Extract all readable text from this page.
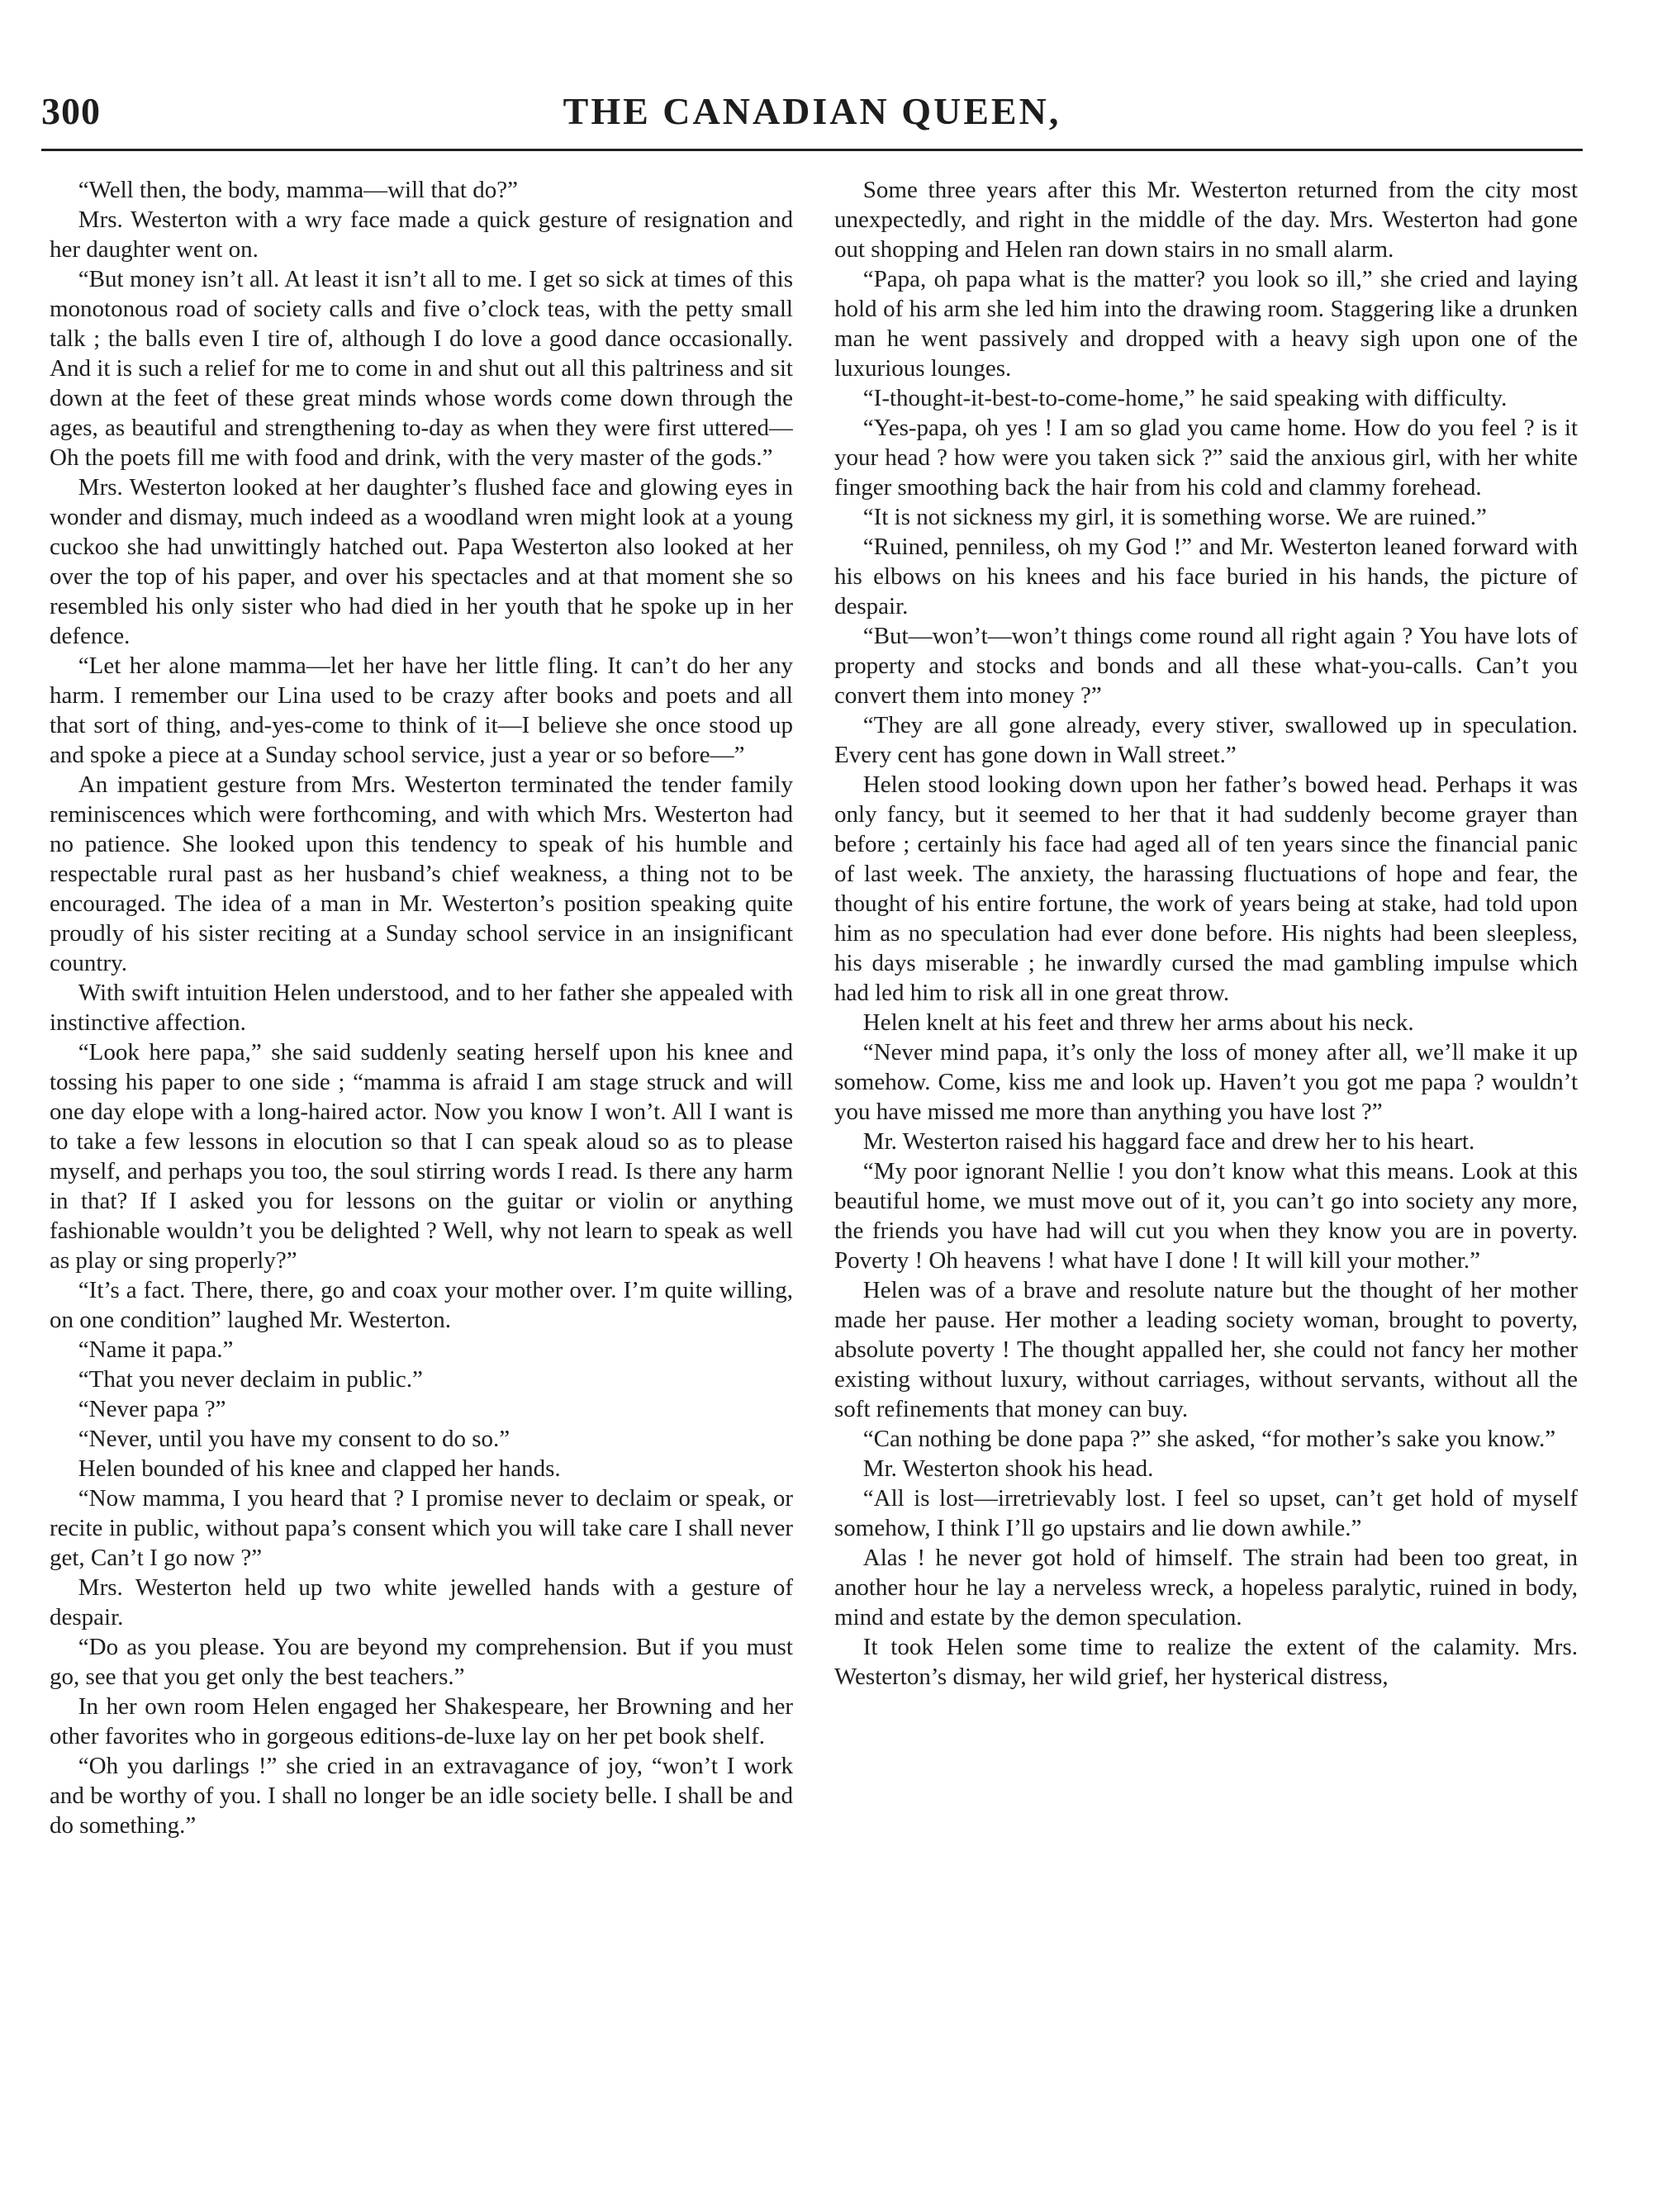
300	THE CANADIAN QUEEN,

“Well then, the body, mamma—will that do?”

Mrs. Westerton with a wry face made a quick gesture of resignation and her daughter went on.

“But money isn’t all. At least it isn’t all to me. I get so sick at times of this monotonous road of society calls and five o’clock teas, with the petty small talk ; the balls even I tire of, although I do love a good dance occasionally. And it is such a relief for me to come in and shut out all this paltriness and sit down at the feet of these great minds whose words come down through the ages, as beautiful and strengthening to-day as when they were first uttered—Oh the poets fill me with food and drink, with the very master of the gods.”

Mrs. Westerton looked at her daughter’s flushed face and glowing eyes in wonder and dismay, much indeed as a woodland wren might look at a young cuckoo she had unwittingly hatched out. Papa Westerton also looked at her over the top of his paper, and over his spectacles and at that moment she so resembled his only sister who had died in her youth that he spoke up in her defence.

“Let her alone mamma—let her have her little fling. It can’t do her any harm. I remember our Lina used to be crazy after books and poets and all that sort of thing, and-yes-come to think of it—I believe she once stood up and spoke a piece at a Sunday school service, just a year or so before—”

An impatient gesture from Mrs. Westerton terminated the tender family reminiscences which were forthcoming, and with which Mrs. Westerton had no patience. She looked upon this tendency to speak of his humble and respectable rural past as her husband’s chief weakness, a thing not to be encouraged. The idea of a man in Mr. Westerton’s position speaking quite proudly of his sister reciting at a Sunday school service in an insignificant country.

With swift intuition Helen understood, and to her father she appealed with instinctive affection.

“Look here papa,” she said suddenly seating herself upon his knee and tossing his paper to one side ; “mamma is afraid I am stage struck and will one day elope with a long-haired actor. Now you know I won’t. All I want is to take a few lessons in elocution so that I can speak aloud so as to please myself, and perhaps you too, the soul stirring words I read. Is there any harm in that? If I asked you for lessons on the guitar or violin or anything fashionable wouldn’t you be delighted ? Well, why not learn to speak as well as play or sing properly?”

“It’s a fact. There, there, go and coax your mother over. I’m quite willing, on one condition” laughed Mr. Westerton.

“Name it papa.”

“That you never declaim in public.”

“Never papa ?”

“Never, until you have my consent to do so.”

Helen bounded of his knee and clapped her hands.

“Now mamma, I you heard that ? I promise never to declaim or speak, or recite in public, without papa’s consent which you will take care I shall never get, Can’t I go now ?”

Mrs. Westerton held up two white jewelled hands with a gesture of despair.

“Do as you please. You are beyond my comprehension. But if you must go, see that you get only the best teachers.”

In her own room Helen engaged her Shakespeare, her Browning and her other favorites who in gorgeous editions-de-luxe lay on her pet book shelf.

“Oh you darlings !” she cried in an extravagance of joy, “won’t I work and be worthy of you. I shall no longer be an idle society belle. I shall be and do something.”

Some three years after this Mr. Westerton returned from the city most unexpectedly, and right in the middle of the day. Mrs. Westerton had gone out shopping and Helen ran down stairs in no small alarm.

“Papa, oh papa what is the matter? you look so ill,” she cried and laying hold of his arm she led him into the drawing room. Staggering like a drunken man he went passively and dropped with a heavy sigh upon one of the luxurious lounges.

“I-thought-it-best-to-come-home,” he said speaking with difficulty.

“Yes-papa, oh yes ! I am so glad you came home. How do you feel ? is it your head ? how were you taken sick ?” said the anxious girl, with her white finger smoothing back the hair from his cold and clammy forehead.

“It is not sickness my girl, it is something worse. We are ruined.”

“Ruined, penniless, oh my God !” and Mr. Westerton leaned forward with his elbows on his knees and his face buried in his hands, the picture of despair.

“But—won’t—won’t things come round all right again ? You have lots of property and stocks and bonds and all these what-you-calls. Can’t you convert them into money ?”

“They are all gone already, every stiver, swallowed up in speculation. Every cent has gone down in Wall street.”

Helen stood looking down upon her father’s bowed head. Perhaps it was only fancy, but it seemed to her that it had suddenly become grayer than before ; certainly his face had aged all of ten years since the financial panic of last week. The anxiety, the harassing fluctuations of hope and fear, the thought of his entire fortune, the work of years being at stake, had told upon him as no speculation had ever done before. His nights had been sleepless, his days miserable ; he inwardly cursed the mad gambling impulse which had led him to risk all in one great throw.

Helen knelt at his feet and threw her arms about his neck.

“Never mind papa, it’s only the loss of money after all, we’ll make it up somehow. Come, kiss me and look up. Haven’t you got me papa ? wouldn’t you have missed me more than anything you have lost ?”

Mr. Westerton raised his haggard face and drew her to his heart.

“My poor ignorant Nellie ! you don’t know what this means. Look at this beautiful home, we must move out of it, you can’t go into society any more, the friends you have had will cut you when they know you are in poverty. Poverty ! Oh heavens ! what have I done ! It will kill your mother.”

Helen was of a brave and resolute nature but the thought of her mother made her pause. Her mother a leading society woman, brought to poverty, absolute poverty ! The thought appalled her, she could not fancy her mother existing without luxury, without carriages, without servants, without all the soft refinements that money can buy.

“Can nothing be done papa ?” she asked, “for mother’s sake you know.”

Mr. Westerton shook his head.

“All is lost—irretrievably lost. I feel so upset, can’t get hold of myself somehow, I think I’ll go upstairs and lie down awhile.”

Alas ! he never got hold of himself. The strain had been too great, in another hour he lay a nerveless wreck, a hopeless paralytic, ruined in body, mind and estate by the demon speculation.

It took Helen some time to realize the extent of the calamity. Mrs. Westerton’s dismay, her wild grief, her hysterical distress,
